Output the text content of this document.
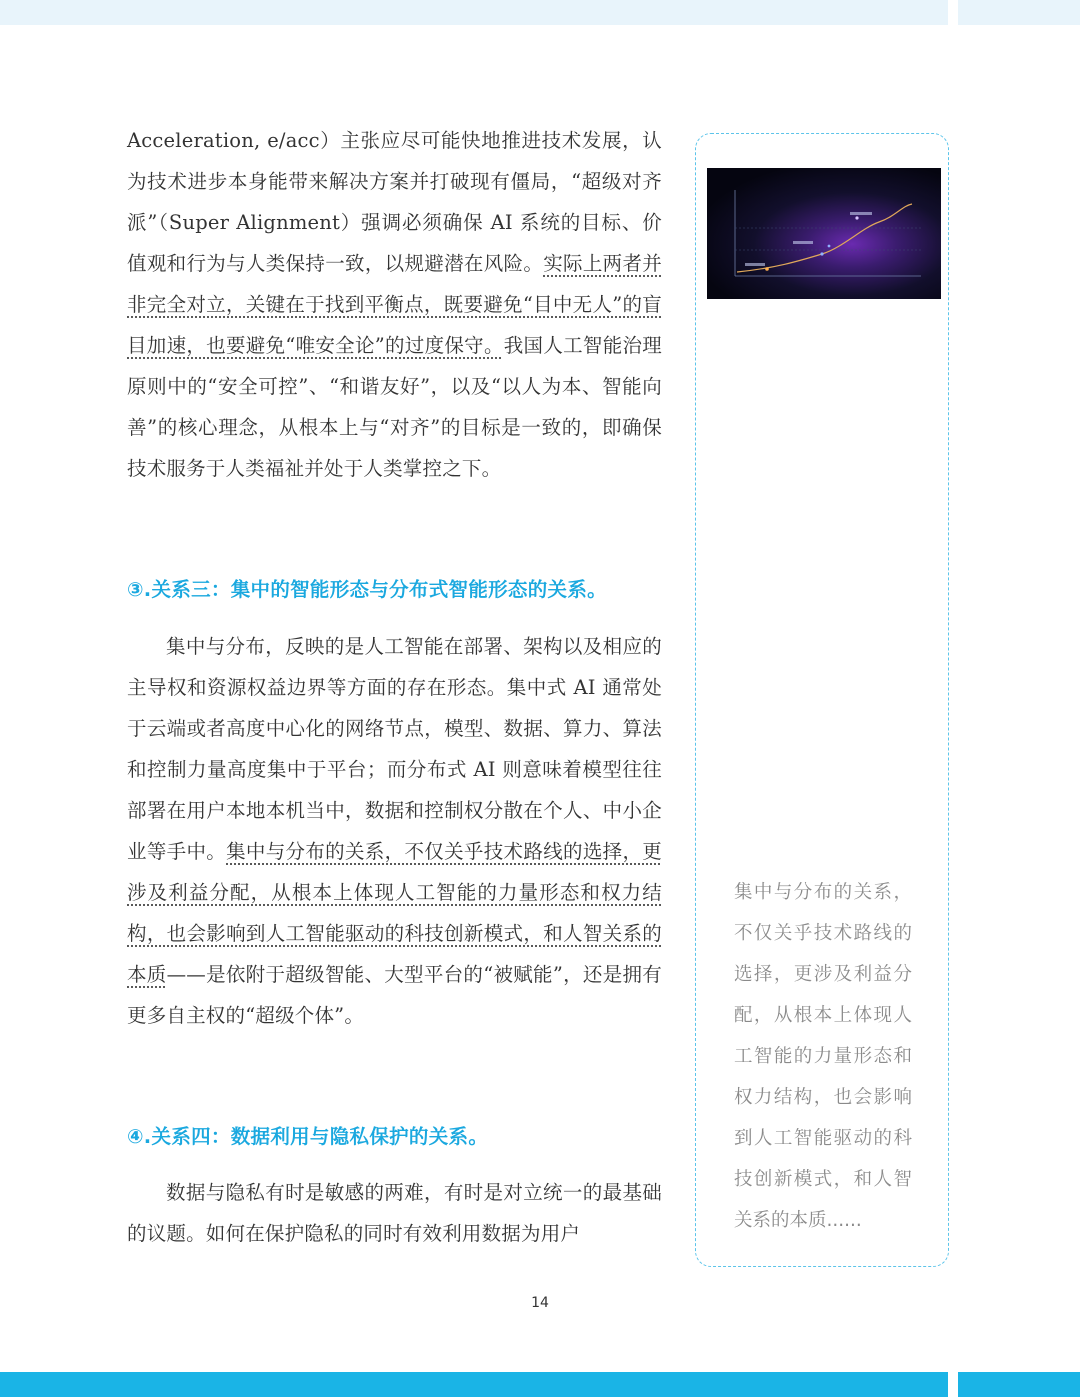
Acceleration, e/acc）主张应尽可能快地推进技术发展，认为技术进步本身能带来解决方案并打破现有僵局，“超级对齐派”（Super Alignment）强调必须确保 AI 系统的目标、价值观和行为与人类保持一致，以规避潜在风险。实际上两者并非完全对立，关键在于找到平衡点，既要避免“目中无人”的盲目加速，也要避免“唯安全论”的过度保守。我国人工智能治理原则中的“安全可控”、“和谐友好”，以及“以人为本、智能向善”的核心理念，从根本上与“对齐”的目标是一致的，即确保技术服务于人类福祉并处于人类掌控之下。

③.关系三：集中的智能形态与分布式智能形态的关系。

集中与分布，反映的是人工智能在部署、架构以及相应的主导权和资源权益边界等方面的存在形态。集中式 AI 通常处于云端或者高度中心化的网络节点，模型、数据、算力、算法和控制力量高度集中于平台；而分布式 AI 则意味着模型往往部署在用户本地本机当中，数据和控制权分散在个人、中小企业等手中。集中与分布的关系，不仅关乎技术路线的选择，更涉及利益分配，从根本上体现人工智能的力量形态和权力结构，也会影响到人工智能驱动的科技创新模式，和人智关系的本质——是依附于超级智能、大型平台的“被赋能”，还是拥有更多自主权的“超级个体”。

④.关系四：数据利用与隐私保护的关系。

数据与隐私有时是敏感的两难，有时是对立统一的最基础的议题。如何在保护隐私的同时有效利用数据为用户

集中与分布的关系，不仅关乎技术路线的选择，更涉及利益分配，从根本上体现人工智能的力量形态和权力结构，也会影响到人工智能驱动的科技创新模式，和人智关系的本质......

14
